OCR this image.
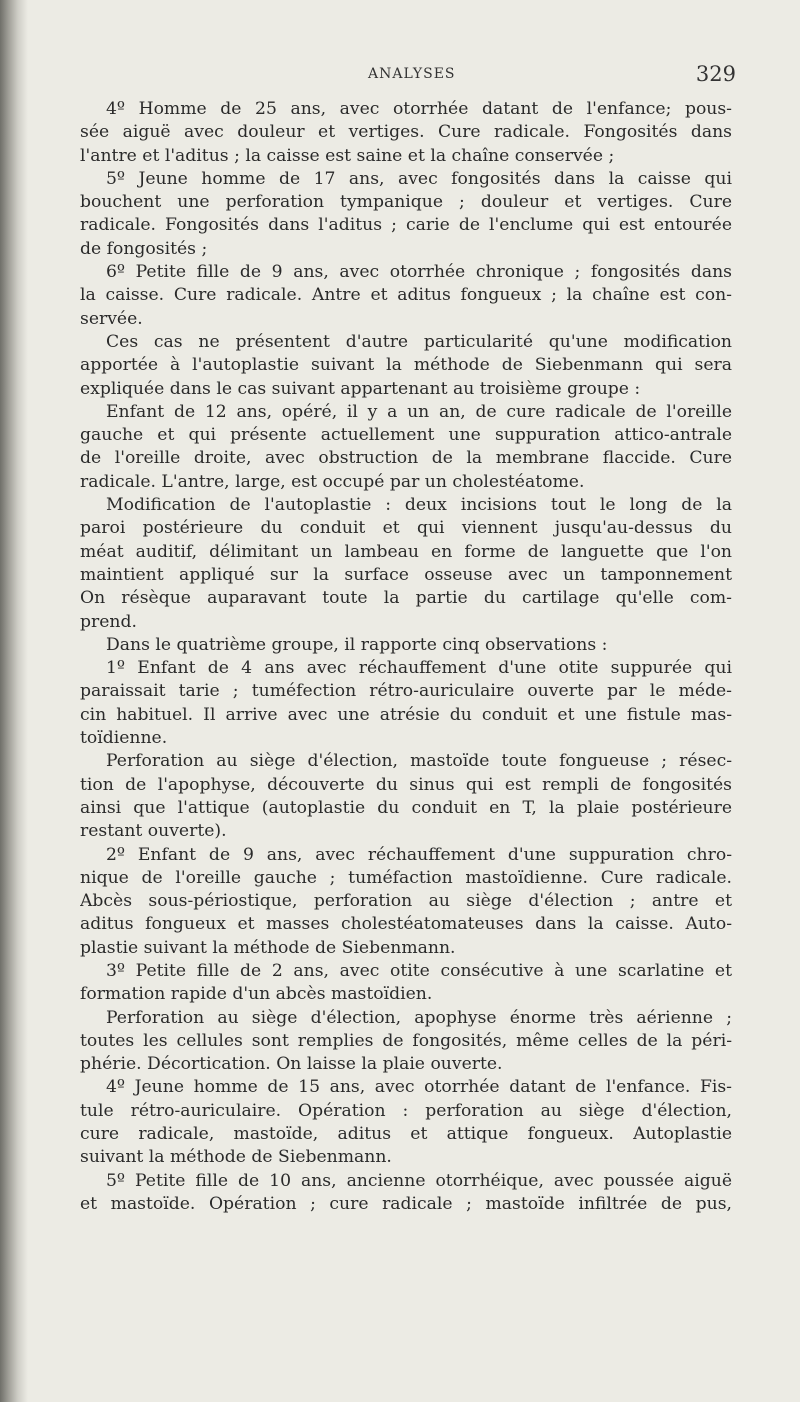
ANALYSES	329
4º Homme de 25 ans, avec otorrhée datant de l'enfance; pous-
sée aiguë avec douleur et vertiges. Cure radicale. Fongosités dans
l'antre et l'aditus ; la caisse est saine et la chaîne conservée ;
5º Jeune homme de 17 ans, avec fongosités dans la caisse qui
bouchent une perforation tympanique ; douleur et vertiges. Cure
radicale. Fongosités dans l'aditus ; carie de l'enclume qui est entourée
de fongosités ;
6º Petite fille de 9 ans, avec otorrhée chronique ; fongosités dans
la caisse. Cure radicale. Antre et aditus fongueux ; la chaîne est con-
servée.
Ces cas ne présentent d'autre particularité qu'une modification
apportée à l'autoplastie suivant la méthode de Siebenmann qui sera
expliquée dans le cas suivant appartenant au troisième groupe :
Enfant de 12 ans, opéré, il y a un an, de cure radicale de l'oreille
gauche et qui présente actuellement une suppuration attico-antrale
de l'oreille droite, avec obstruction de la membrane flaccide. Cure
radicale. L'antre, large, est occupé par un cholestéatome.
Modification de l'autoplastie : deux incisions tout le long de la
paroi postérieure du conduit et qui viennent jusqu'au-dessus du
méat auditif, délimitant un lambeau en forme de languette que l'on
maintient appliqué sur la surface osseuse avec un tamponnement
On résèque auparavant toute la partie du cartilage qu'elle com-
prend.
Dans le quatrième groupe, il rapporte cinq observations :
1º Enfant de 4 ans avec réchauffement d'une otite suppurée qui
paraissait tarie ; tuméfection rétro-auriculaire ouverte par le méde-
cin habituel. Il arrive avec une atrésie du conduit et une fistule mas-
toïdienne.
Perforation au siège d'élection, mastoïde toute fongueuse ; résec-
tion de l'apophyse, découverte du sinus qui est rempli de fongosités
ainsi que l'attique (autoplastie du conduit en T, la plaie postérieure
restant ouverte).
2º Enfant de 9 ans, avec réchauffement d'une suppuration chro-
nique de l'oreille gauche ; tuméfaction mastoïdienne. Cure radicale.
Abcès sous-périostique, perforation au siège d'élection ; antre et
aditus fongueux et masses cholestéatomateuses dans la caisse. Auto-
plastie suivant la méthode de Siebenmann.
3º Petite fille de 2 ans, avec otite consécutive à une scarlatine et
formation rapide d'un abcès mastoïdien.
Perforation au siège d'élection, apophyse énorme très aérienne ;
toutes les cellules sont remplies de fongosités, même celles de la péri-
phérie. Décortication. On laisse la plaie ouverte.
4º Jeune homme de 15 ans, avec otorrhée datant de l'enfance. Fis-
tule rétro-auriculaire. Opération : perforation au siège d'élection,
cure radicale, mastoïde, aditus et attique fongueux. Autoplastie
suivant la méthode de Siebenmann.
5º Petite fille de 10 ans, ancienne otorrhéique, avec poussée aiguë
et mastoïde. Opération ; cure radicale ; mastoïde infiltrée de pus,
